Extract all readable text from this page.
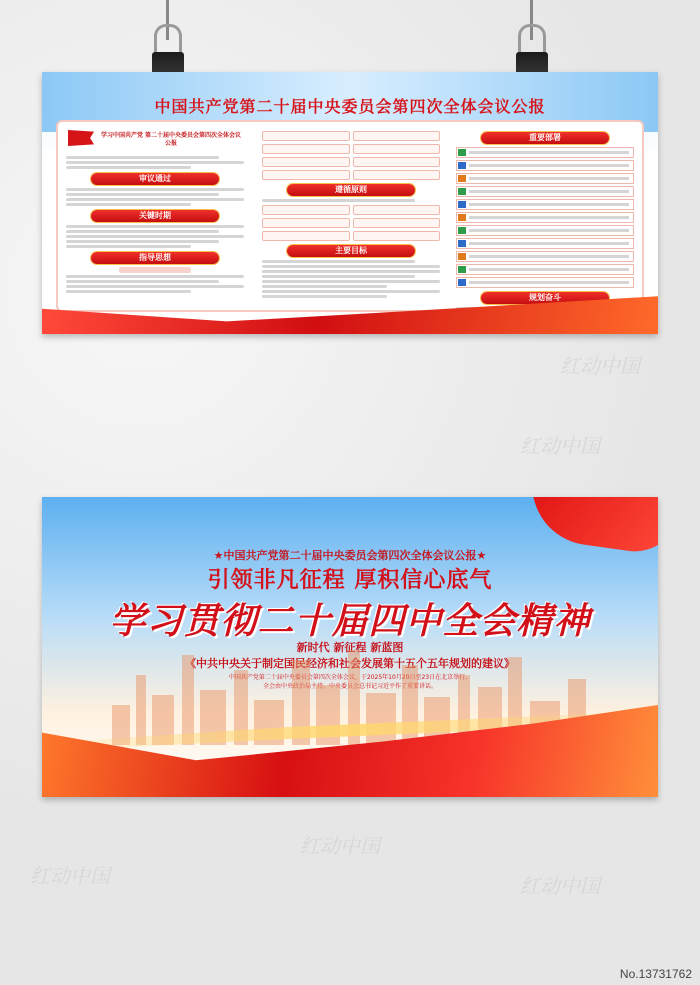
红动中国
红动中国
红动中国
红动中国
红动中国
中国共产党第二十届中央委员会第四次全体会议公报
学习中国共产党 第二十届中央委员会第四次全体会议公报
审议通过
关键时期
指导思想
遵循原则
主要目标
重要部署
规划奋斗
★中国共产党第二十届中央委员会第四次全体会议公报★
引领非凡征程 厚积信心底气
学习贯彻二十届四中全会精神
新时代 新征程 新蓝图
《中共中央关于制定国民经济和社会发展第十五个五年规划的建议》
中国共产党第二十届中央委员会第四次全体会议，于2025年10月20日至23日在北京举行。
全会由中央政治局主持。中央委员会总书记习近平作了重要讲话。
No.13731762
